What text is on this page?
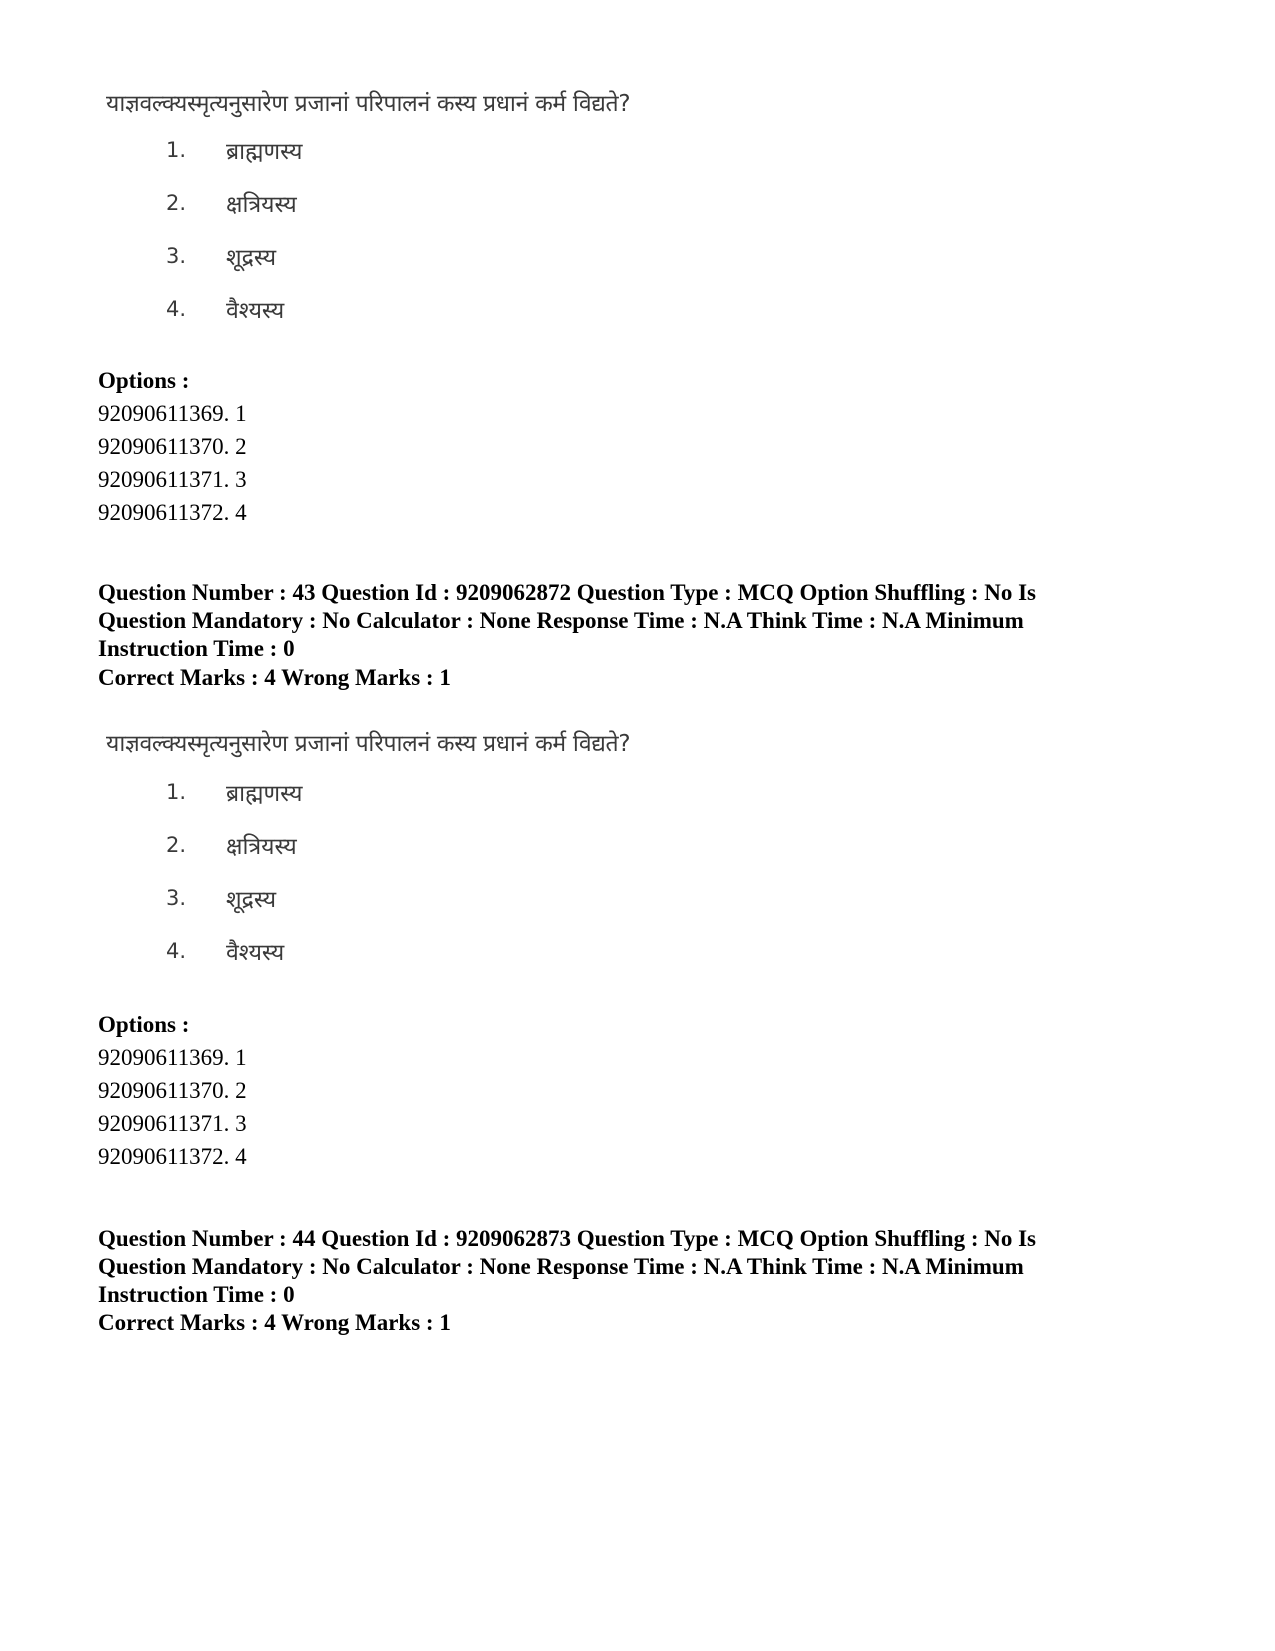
याज्ञवल्क्यस्मृत्यनुसारेण प्रजानां परिपालनं कस्य प्रधानं कर्म विद्यते?
1. ब्राह्मणस्य
2. क्षत्रियस्य
3. शूद्रस्य
4. वैश्यस्य
Options :
92090611369. 1
92090611370. 2
92090611371. 3
92090611372. 4
Question Number : 43 Question Id : 9209062872 Question Type : MCQ Option Shuffling : No Is
Question Mandatory : No Calculator : None Response Time : N.A Think Time : N.A Minimum
Instruction Time : 0
Correct Marks : 4 Wrong Marks : 1
याज्ञवल्क्यस्मृत्यनुसारेण प्रजानां परिपालनं कस्य प्रधानं कर्म विद्यते?
1. ब्राह्मणस्य
2. क्षत्रियस्य
3. शूद्रस्य
4. वैश्यस्य
Options :
92090611369. 1
92090611370. 2
92090611371. 3
92090611372. 4
Question Number : 44 Question Id : 9209062873 Question Type : MCQ Option Shuffling : No Is
Question Mandatory : No Calculator : None Response Time : N.A Think Time : N.A Minimum
Instruction Time : 0
Correct Marks : 4 Wrong Marks : 1
